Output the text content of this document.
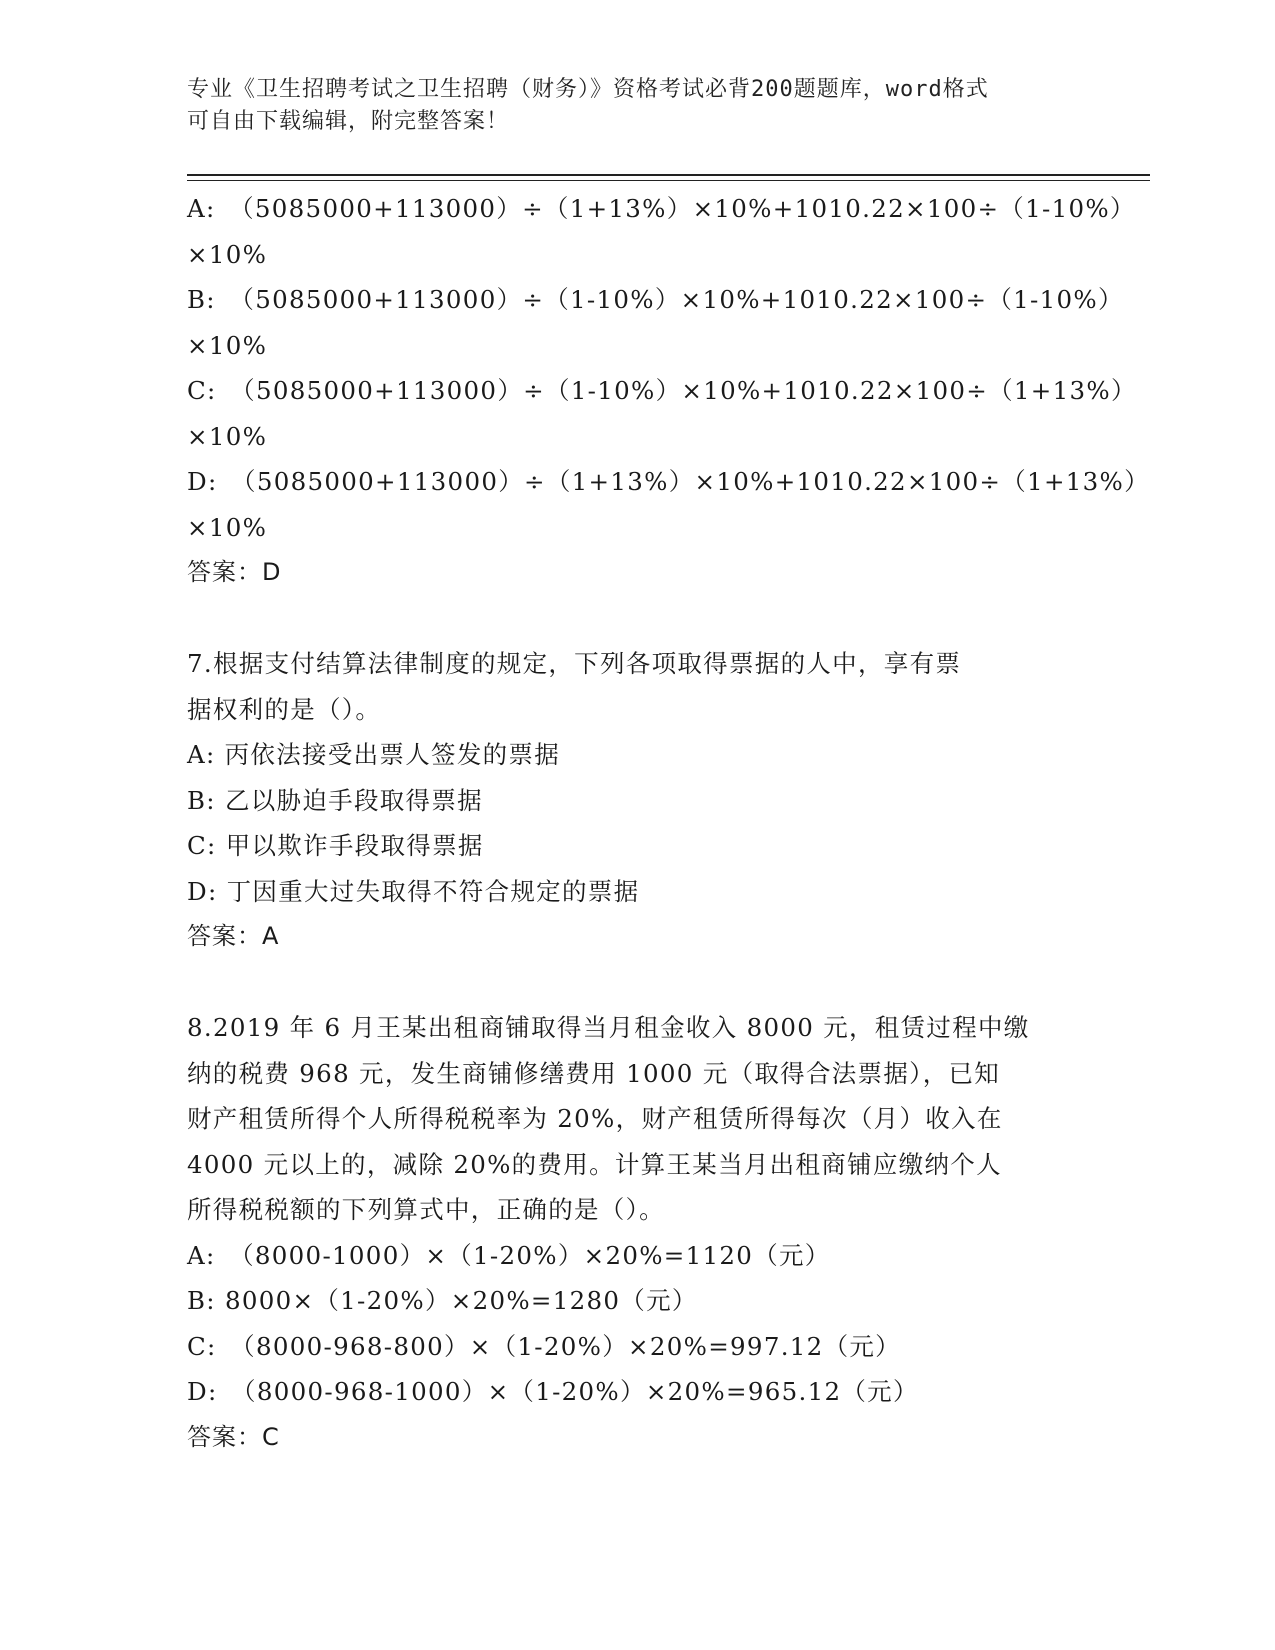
专业《卫生招聘考试之卫生招聘（财务）》资格考试必背200题题库，word格式
可自由下载编辑，附完整答案！
A:　（5085000+113000）÷（1+13%）×10%+1010.22×100÷（1-10%）
×10%
B:　（5085000+113000）÷（1-10%）×10%+1010.22×100÷（1-10%）
×10%
C:　（5085000+113000）÷（1-10%）×10%+1010.22×100÷（1+13%）
×10%
D:　（5085000+113000）÷（1+13%）×10%+1010.22×100÷（1+13%）
×10%
答案：D
7.根据支付结算法律制度的规定，下列各项取得票据的人中，享有票
据权利的是（）。
A: 丙依法接受出票人签发的票据
B: 乙以胁迫手段取得票据
C: 甲以欺诈手段取得票据
D: 丁因重大过失取得不符合规定的票据
答案：A
8.2019 年 6 月王某出租商铺取得当月租金收入 8000 元，租赁过程中缴
纳的税费 968 元，发生商铺修缮费用 1000 元（取得合法票据），已知
财产租赁所得个人所得税税率为 20%，财产租赁所得每次（月）收入在
4000 元以上的，减除 20%的费用。计算王某当月出租商铺应缴纳个人
所得税税额的下列算式中，正确的是（）。
A:　（8000-1000）×（1-20%）×20%=1120（元）
B: 8000×（1-20%）×20%=1280（元）
C:　（8000-968-800）×（1-20%）×20%=997.12（元）
D:　（8000-968-1000）×（1-20%）×20%=965.12（元）
答案：C
